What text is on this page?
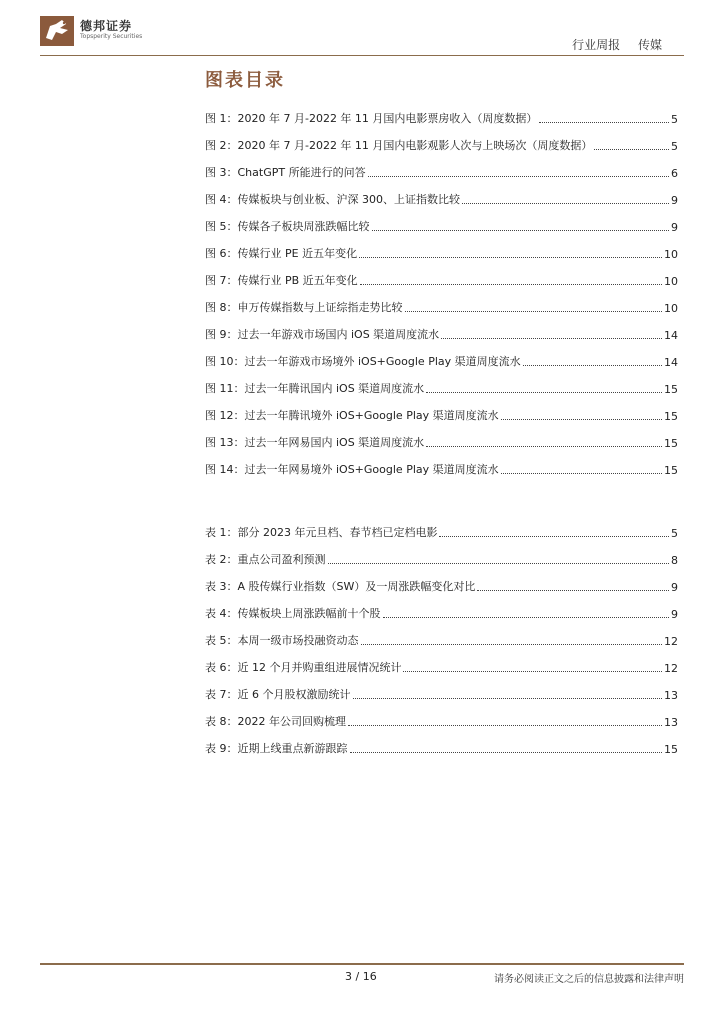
德邦证券
Topsperity Securities
行业周报 传媒
图表目录
图 1：2020 年 7 月-2022 年 11 月国内电影票房收入（周度数据）	5
图 2：2020 年 7 月-2022 年 11 月国内电影观影人次与上映场次（周度数据）	5
图 3：ChatGPT 所能进行的问答	6
图 4：传媒板块与创业板、沪深 300、上证指数比较	9
图 5：传媒各子板块周涨跌幅比较	9
图 6：传媒行业 PE 近五年变化	10
图 7：传媒行业 PB 近五年变化	10
图 8：申万传媒指数与上证综指走势比较	10
图 9：过去一年游戏市场国内 iOS 渠道周度流水	14
图 10：过去一年游戏市场境外 iOS+Google Play 渠道周度流水	14
图 11：过去一年腾讯国内 iOS 渠道周度流水	15
图 12：过去一年腾讯境外 iOS+Google Play 渠道周度流水	15
图 13：过去一年网易国内 iOS 渠道周度流水	15
图 14：过去一年网易境外 iOS+Google Play 渠道周度流水	15
表 1：部分 2023 年元旦档、春节档已定档电影	5
表 2：重点公司盈利预测	8
表 3：A 股传媒行业指数（SW）及一周涨跌幅变化对比	9
表 4：传媒板块上周涨跌幅前十个股	9
表 5：本周一级市场投融资动态	12
表 6：近 12 个月并购重组进展情况统计	12
表 7：近 6 个月股权激励统计	13
表 8：2022 年公司回购梳理	13
表 9：近期上线重点新游跟踪	15
3 / 16	请务必阅读正文之后的信息披露和法律声明
